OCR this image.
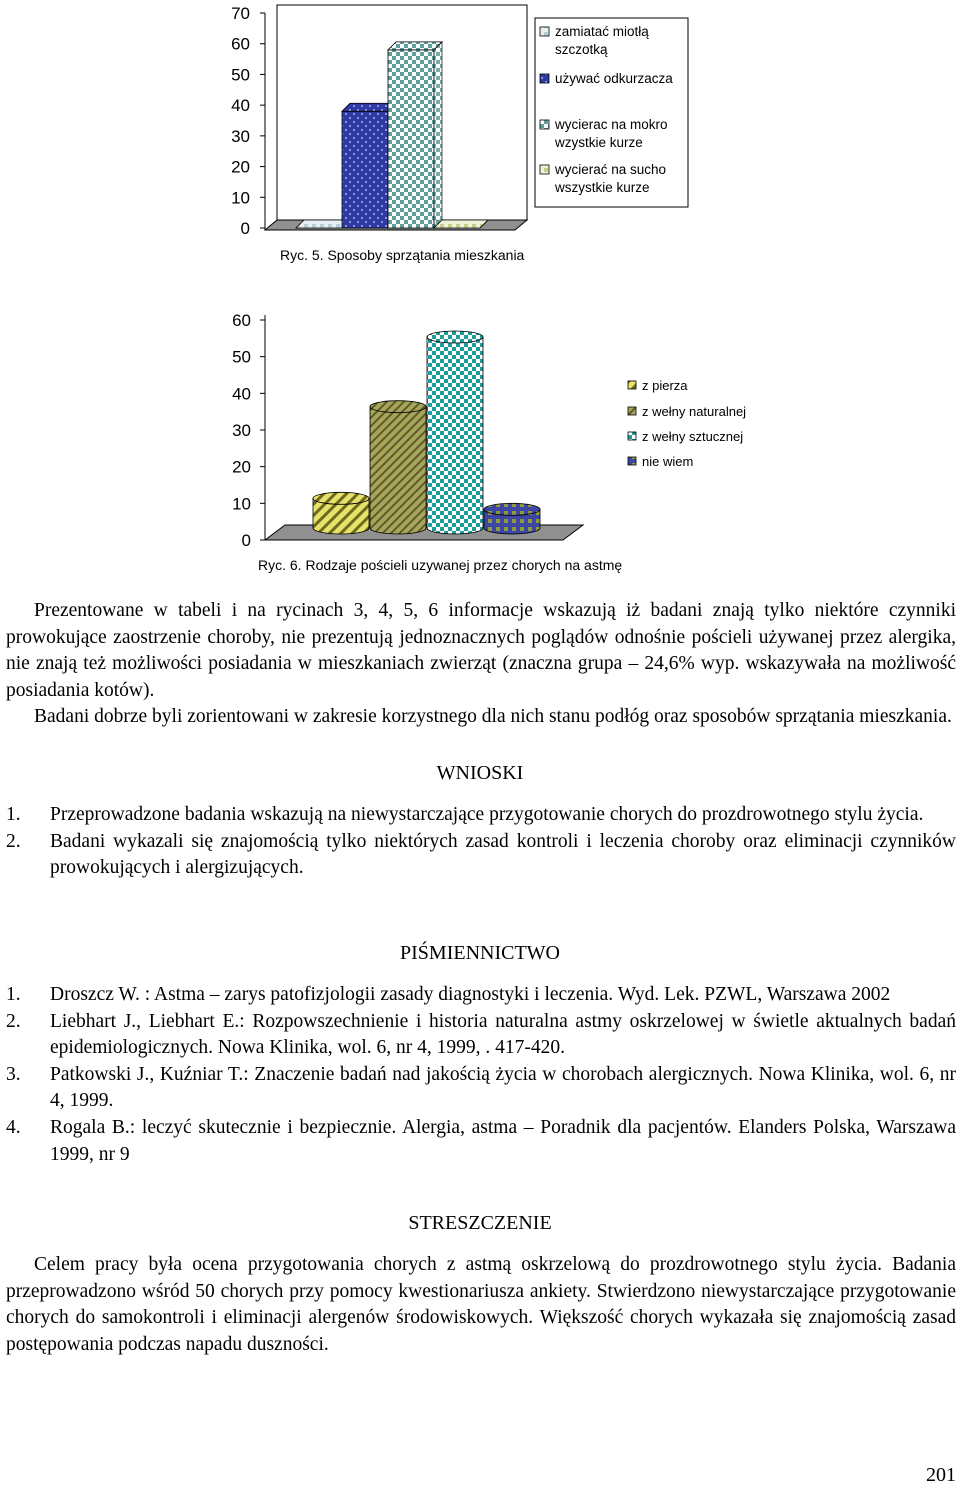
0
10
20
30
40
50
60
70
zamiatać miotłą szczotką
używać odkurzacza
wycierac na mokro wzystkie kurze
wycierać na sucho wszystkie kurze
Ryc. 5. Sposoby sprzątania mieszkania
0
10
20
30
40
50
60
z pierza
z wełny naturalnej
z wełny sztucznej
nie wiem
Ryc. 6. Rodzaje pościeli uzywanej przez chorych na astmę

Prezentowane w tabeli i na rycinach 3, 4, 5, 6 informacje wskazują iż badani znają tylko niektóre czynniki prowokujące zaostrzenie choroby, nie prezentują jednoznacznych poglądów odnośnie pościeli używanej przez alergika, nie znają też możliwości posiadania w mieszkaniach zwierząt (znaczna grupa – 24,6% wyp. wskazywała na możliwość posiadania kotów).

Badani dobrze byli zorientowani w zakresie korzystnego dla nich stanu podłóg oraz sposobów sprzątania mieszkania.

WNIOSKI
1.	Przeprowadzone badania wskazują na niewystarczające przygotowanie chorych do prozdrowotnego stylu życia.
2.	Badani wykazali się znajomością tylko niektórych zasad kontroli i leczenia choroby oraz eliminacji czynników prowokujących i alergizujących.
PIŚMIENNICTWO
1.	Droszcz W. : Astma – zarys patofizjologii zasady diagnostyki i leczenia. Wyd. Lek. PZWL, Warszawa 2002
2.	Liebhart J., Liebhart E.: Rozpowszechnienie i historia naturalna astmy oskrzelowej w świetle aktualnych badań epidemiologicznych. Nowa Klinika, wol. 6, nr 4, 1999, . 417-420.
3.	Patkowski J., Kuźniar T.: Znaczenie badań nad jakością życia w chorobach alergicznych. Nowa Klinika, wol. 6, nr 4, 1999.
4.	Rogala B.: leczyć skutecznie i bezpiecznie. Alergia, astma – Poradnik dla pacjentów. Elanders Polska, Warszawa 1999, nr 9
STRESZCZENIE

Celem pracy była ocena przygotowania chorych z astmą oskrzelową do prozdrowotnego stylu życia. Badania przeprowadzono wśród 50 chorych przy pomocy kwestionariusza ankiety. Stwierdzono niewystarczające przygotowanie chorych do samokontroli i eliminacji alergenów środowiskowych. Większość chorych wykazała się znajomością zasad postępowania podczas napadu duszności.

201
